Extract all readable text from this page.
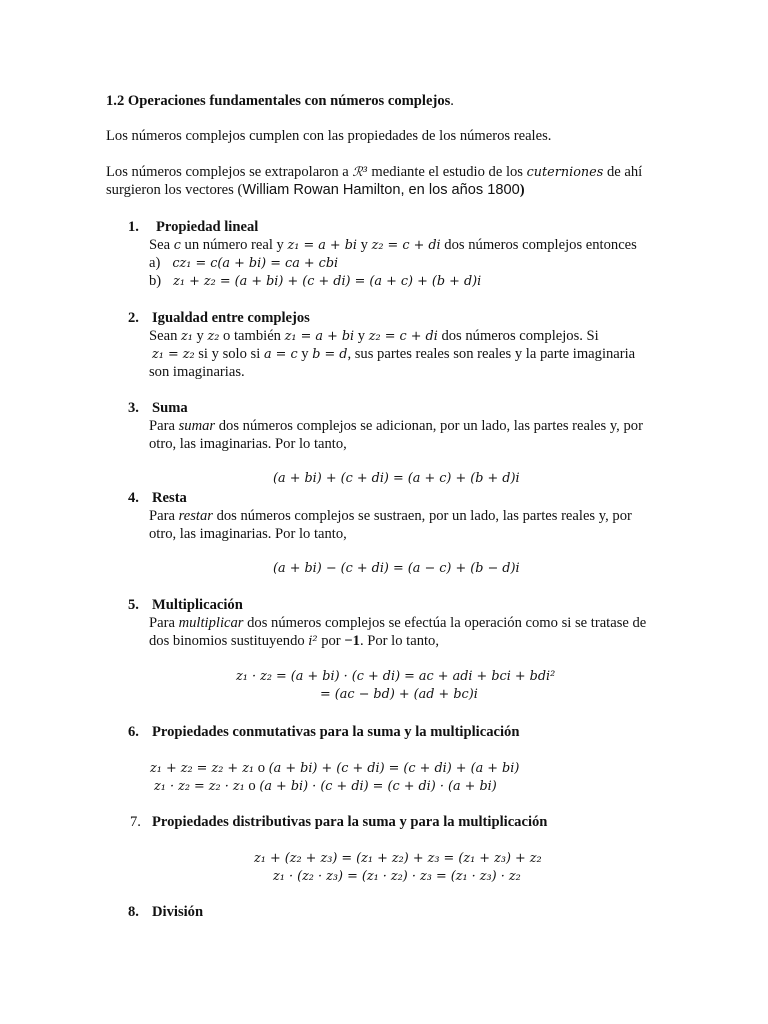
1.2 Operaciones fundamentales con números complejos.
Los números complejos cumplen con las propiedades de los números reales.
Los números complejos se extrapolaron a ℛ³ mediante el estudio de los cuterniones de ahí
surgieron los vectores (William Rowan Hamilton, en los años 1800)
1. Propiedad lineal
Sea c un número real y z₁ = a + bi y z₂ = c + di dos números complejos entonces
a) cz₁ = c(a + bi) = ca + cbi
b) z₁ + z₂ = (a + bi) + (c + di) = (a + c) + (b + d)i
2. Igualdad entre complejos
Sean z₁ y z₂ o también z₁ = a + bi y z₂ = c + di dos números complejos. Si
z₁ = z₂ si y solo si a = c y b = d, sus partes reales son reales y la parte imaginaria
son imaginarias.
3. Suma
Para sumar dos números complejos se adicionan, por un lado, las partes reales y, por
otro, las imaginarias. Por lo tanto,
(a + bi) + (c + di) = (a + c) + (b + d)i
4. Resta
Para restar dos números complejos se sustraen, por un lado, las partes reales y, por
otro, las imaginarias. Por lo tanto,
(a + bi) − (c + di) = (a − c) + (b − d)i
5. Multiplicación
Para multiplicar dos números complejos se efectúa la operación como si se tratase de
dos binomios sustituyendo i² por −1. Por lo tanto,
z₁ · z₂ = (a + bi) · (c + di) = ac + adi + bci + bdi²
= (ac − bd) + (ad + bc)i
6. Propiedades conmutativas para la suma y la multiplicación
z₁ + z₂ = z₂ + z₁ o (a + bi) + (c + di) = (c + di) + (a + bi)
z₁ · z₂ = z₂ · z₁ o (a + bi) · (c + di) = (c + di) · (a + bi)
7. Propiedades distributivas para la suma y para la multiplicación
z₁ + (z₂ + z₃) = (z₁ + z₂) + z₃ = (z₁ + z₃) + z₂
z₁ · (z₂ · z₃) = (z₁ · z₂) · z₃ = (z₁ · z₃) · z₂
8. División
